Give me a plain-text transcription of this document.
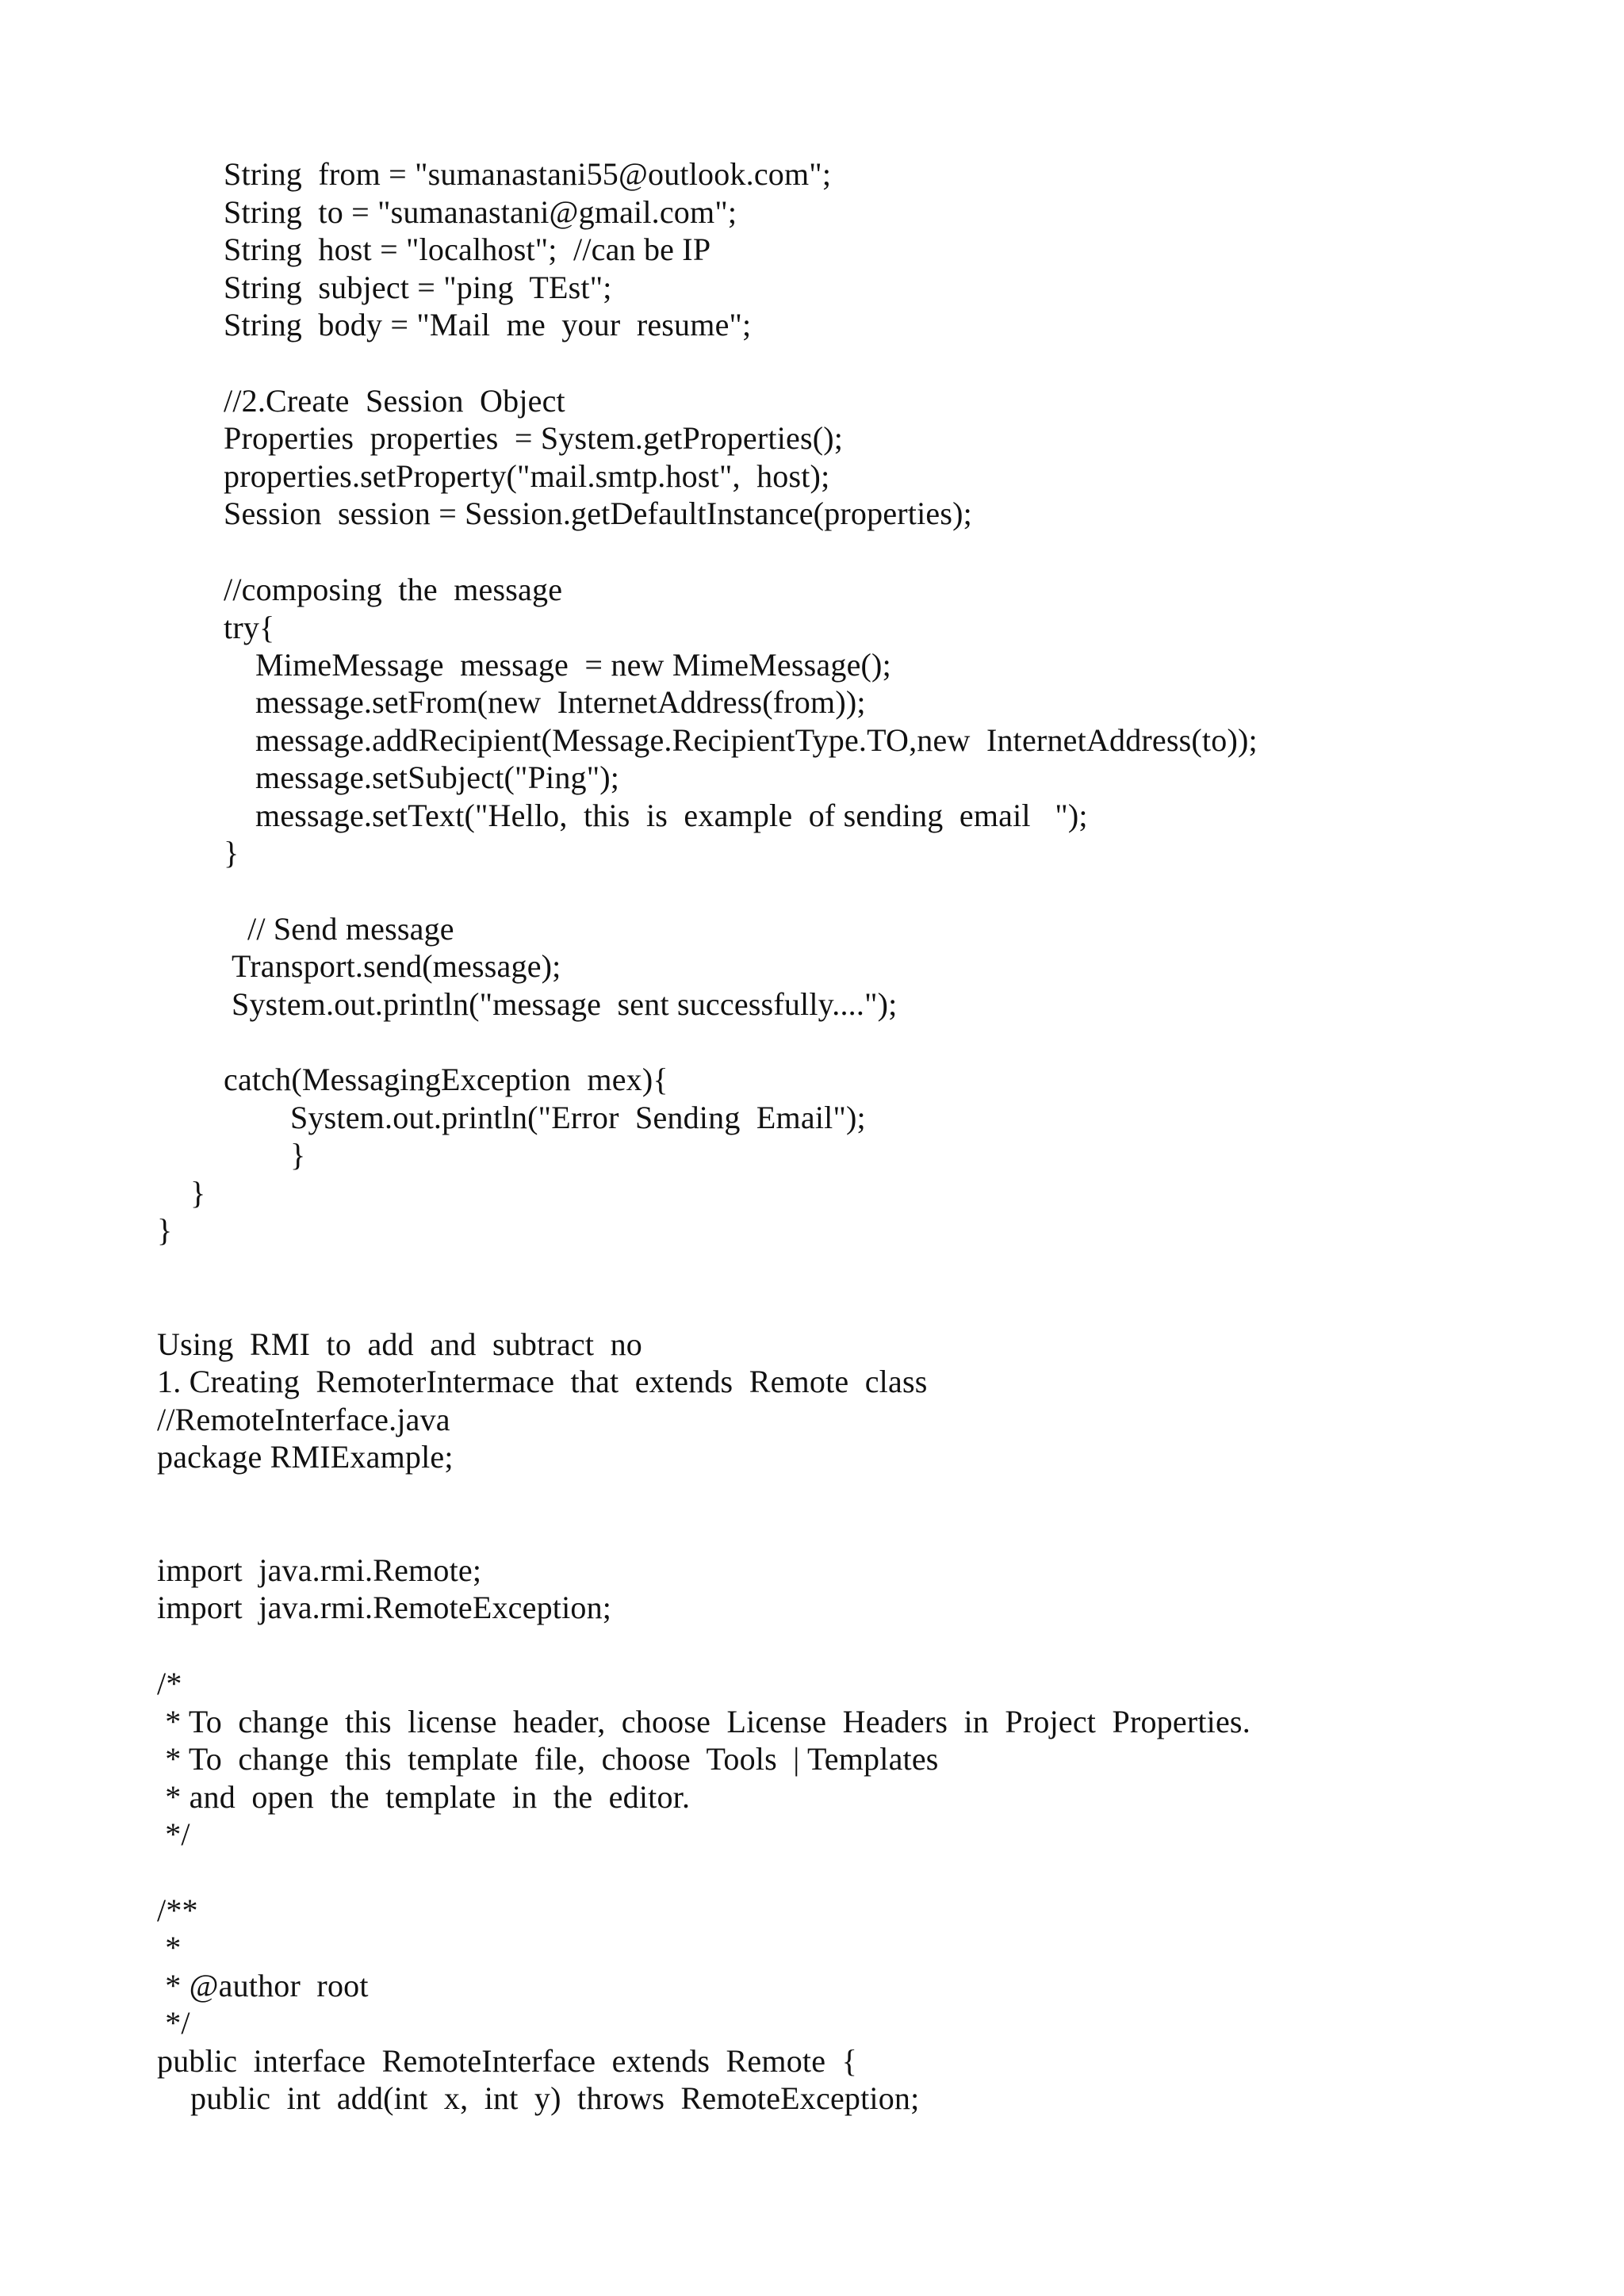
String  from = "sumanastani55@outlook.com";
String  to = "sumanastani@gmail.com";
String  host = "localhost";  //can be IP
String  subject = "ping  TEst";
String  body = "Mail  me  your  resume";
//2.Create  Session  Object
Properties  properties  = System.getProperties();
properties.setProperty("mail.smtp.host",  host);
Session  session = Session.getDefaultInstance(properties);
//composing  the  message
try{
MimeMessage  message  = new MimeMessage();
message.setFrom(new  InternetAddress(from));
message.addRecipient(Message.RecipientType.TO,new  InternetAddress(to));
message.setSubject("Ping");
message.setText("Hello,  this  is  example  of sending  email   ");
}
// Send message
Transport.send(message);
System.out.println("message  sent successfully....");
catch(MessagingException  mex){
System.out.println("Error  Sending  Email");
}
}
}
Using  RMI  to  add  and  subtract  no
1. Creating  RemoterIntermace  that  extends  Remote  class
//RemoteInterface.java
package RMIExample;
import  java.rmi.Remote;
import  java.rmi.RemoteException;
/*
* To  change  this  license  header,  choose  License  Headers  in  Project  Properties.
* To  change  this  template  file,  choose  Tools  | Templates
* and  open  the  template  in  the  editor.
*/
/**
*
* @author  root
*/
public  interface  RemoteInterface  extends  Remote  {
public  int  add(int  x,  int  y)  throws  RemoteException;
